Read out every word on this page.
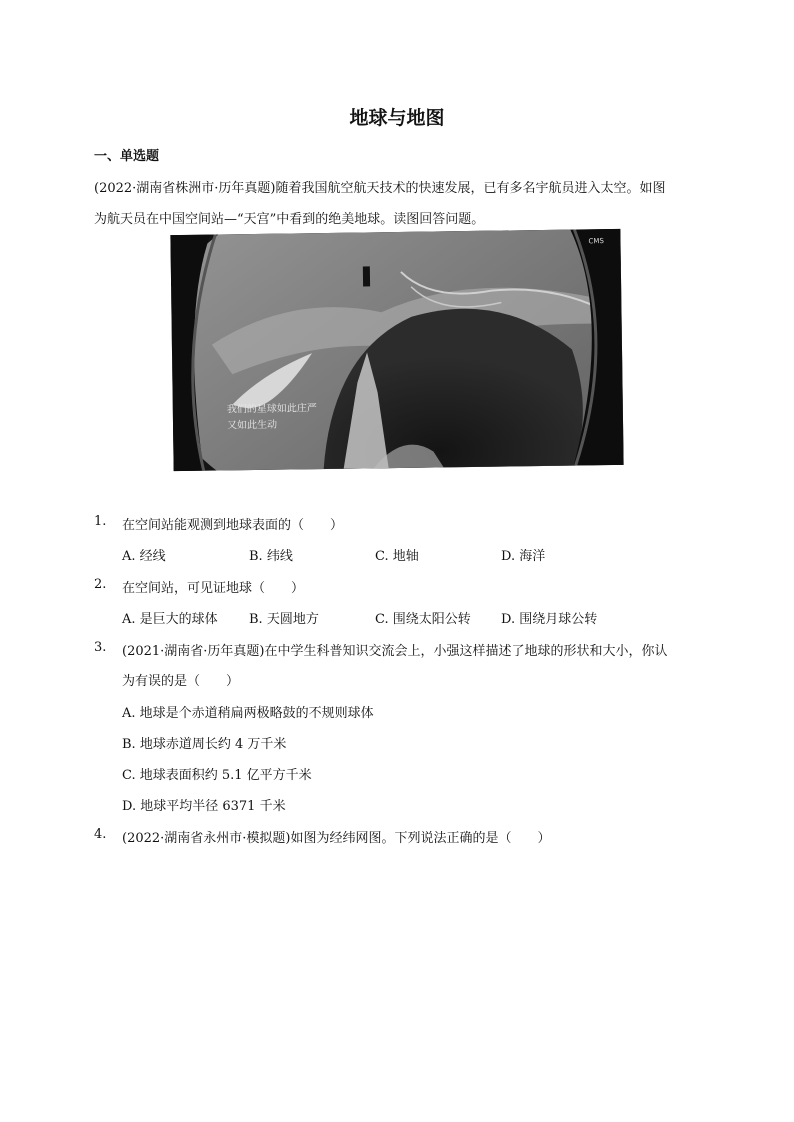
地球与地图
一、单选题
(2022·湖南省株洲市·历年真题)随着我国航空航天技术的快速发展，已有多名宇航员进入太空。如图
为航天员在中国空间站—“天宫”中看到的绝美地球。读图回答问题。
CMS
我们的星球如此庄严
又如此生动
1. 在空间站能观测到地球表面的（　　）
A. 经线	B. 纬线	C. 地轴	D. 海洋
2. 在空间站，可见证地球（　　）
A. 是巨大的球体 B. 天圆地方	C. 围绕太阳公转 D. 围绕月球公转
3. (2021·湖南省·历年真题)在中学生科普知识交流会上，小强这样描述了地球的形状和大小，你认
为有误的是（　　）
A. 地球是个赤道稍扁两极略鼓的不规则球体
B. 地球赤道周长约 4 万千米
C. 地球表面积约 5.1 亿平方千米
D. 地球平均半径 6371 千米
4. (2022·湖南省永州市·模拟题)如图为经纬网图。下列说法正确的是（　　）
